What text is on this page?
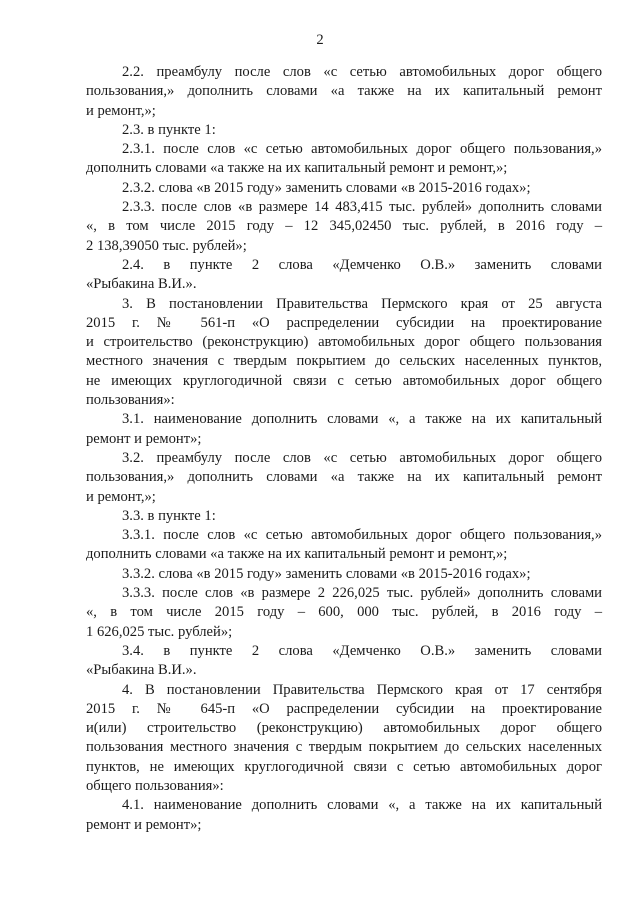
2
2.2. преамбулу после слов «с сетью автомобильных дорог общего
пользования,» дополнить словами «а также на их капитальный ремонт
и ремонт,»;
2.3. в пункте 1:
2.3.1. после слов «с сетью автомобильных дорог общего пользования,»
дополнить словами «а также на их капитальный ремонт и ремонт,»;
2.3.2. слова «в 2015 году» заменить словами «в 2015-2016 годах»;
2.3.3. после слов «в размере 14 483,415 тыс. рублей» дополнить словами
«, в том числе 2015 году – 12 345,02450 тыс. рублей, в 2016 году –
2 138,39050 тыс. рублей»;
2.4. в пункте 2 слова «Демченко О.В.» заменить словами
«Рыбакина В.И.».
3. В постановлении Правительства Пермского края от 25 августа
2015 г. № 561-п «О распределении субсидии на проектирование
и строительство (реконструкцию) автомобильных дорог общего пользования
местного значения с твердым покрытием до сельских населенных пунктов,
не имеющих круглогодичной связи с сетью автомобильных дорог общего
пользования»:
3.1. наименование дополнить словами «, а также на их капитальный
ремонт и ремонт»;
3.2. преамбулу после слов «с сетью автомобильных дорог общего
пользования,» дополнить словами «а также на их капитальный ремонт
и ремонт,»;
3.3. в пункте 1:
3.3.1. после слов «с сетью автомобильных дорог общего пользования,»
дополнить словами «а также на их капитальный ремонт и ремонт,»;
3.3.2. слова «в 2015 году» заменить словами «в 2015-2016 годах»;
3.3.3. после слов «в размере 2 226,025 тыс. рублей» дополнить словами
«, в том числе 2015 году – 600, 000 тыс. рублей, в 2016 году –
1 626,025 тыс. рублей»;
3.4. в пункте 2 слова «Демченко О.В.» заменить словами
«Рыбакина В.И.».
4. В постановлении Правительства Пермского края от 17 сентября
2015 г. № 645-п «О распределении субсидии на проектирование
и(или) строительство (реконструкцию) автомобильных дорог общего
пользования местного значения с твердым покрытием до сельских населенных
пунктов, не имеющих круглогодичной связи с сетью автомобильных дорог
общего пользования»:
4.1. наименование дополнить словами «, а также на их капитальный
ремонт и ремонт»;
